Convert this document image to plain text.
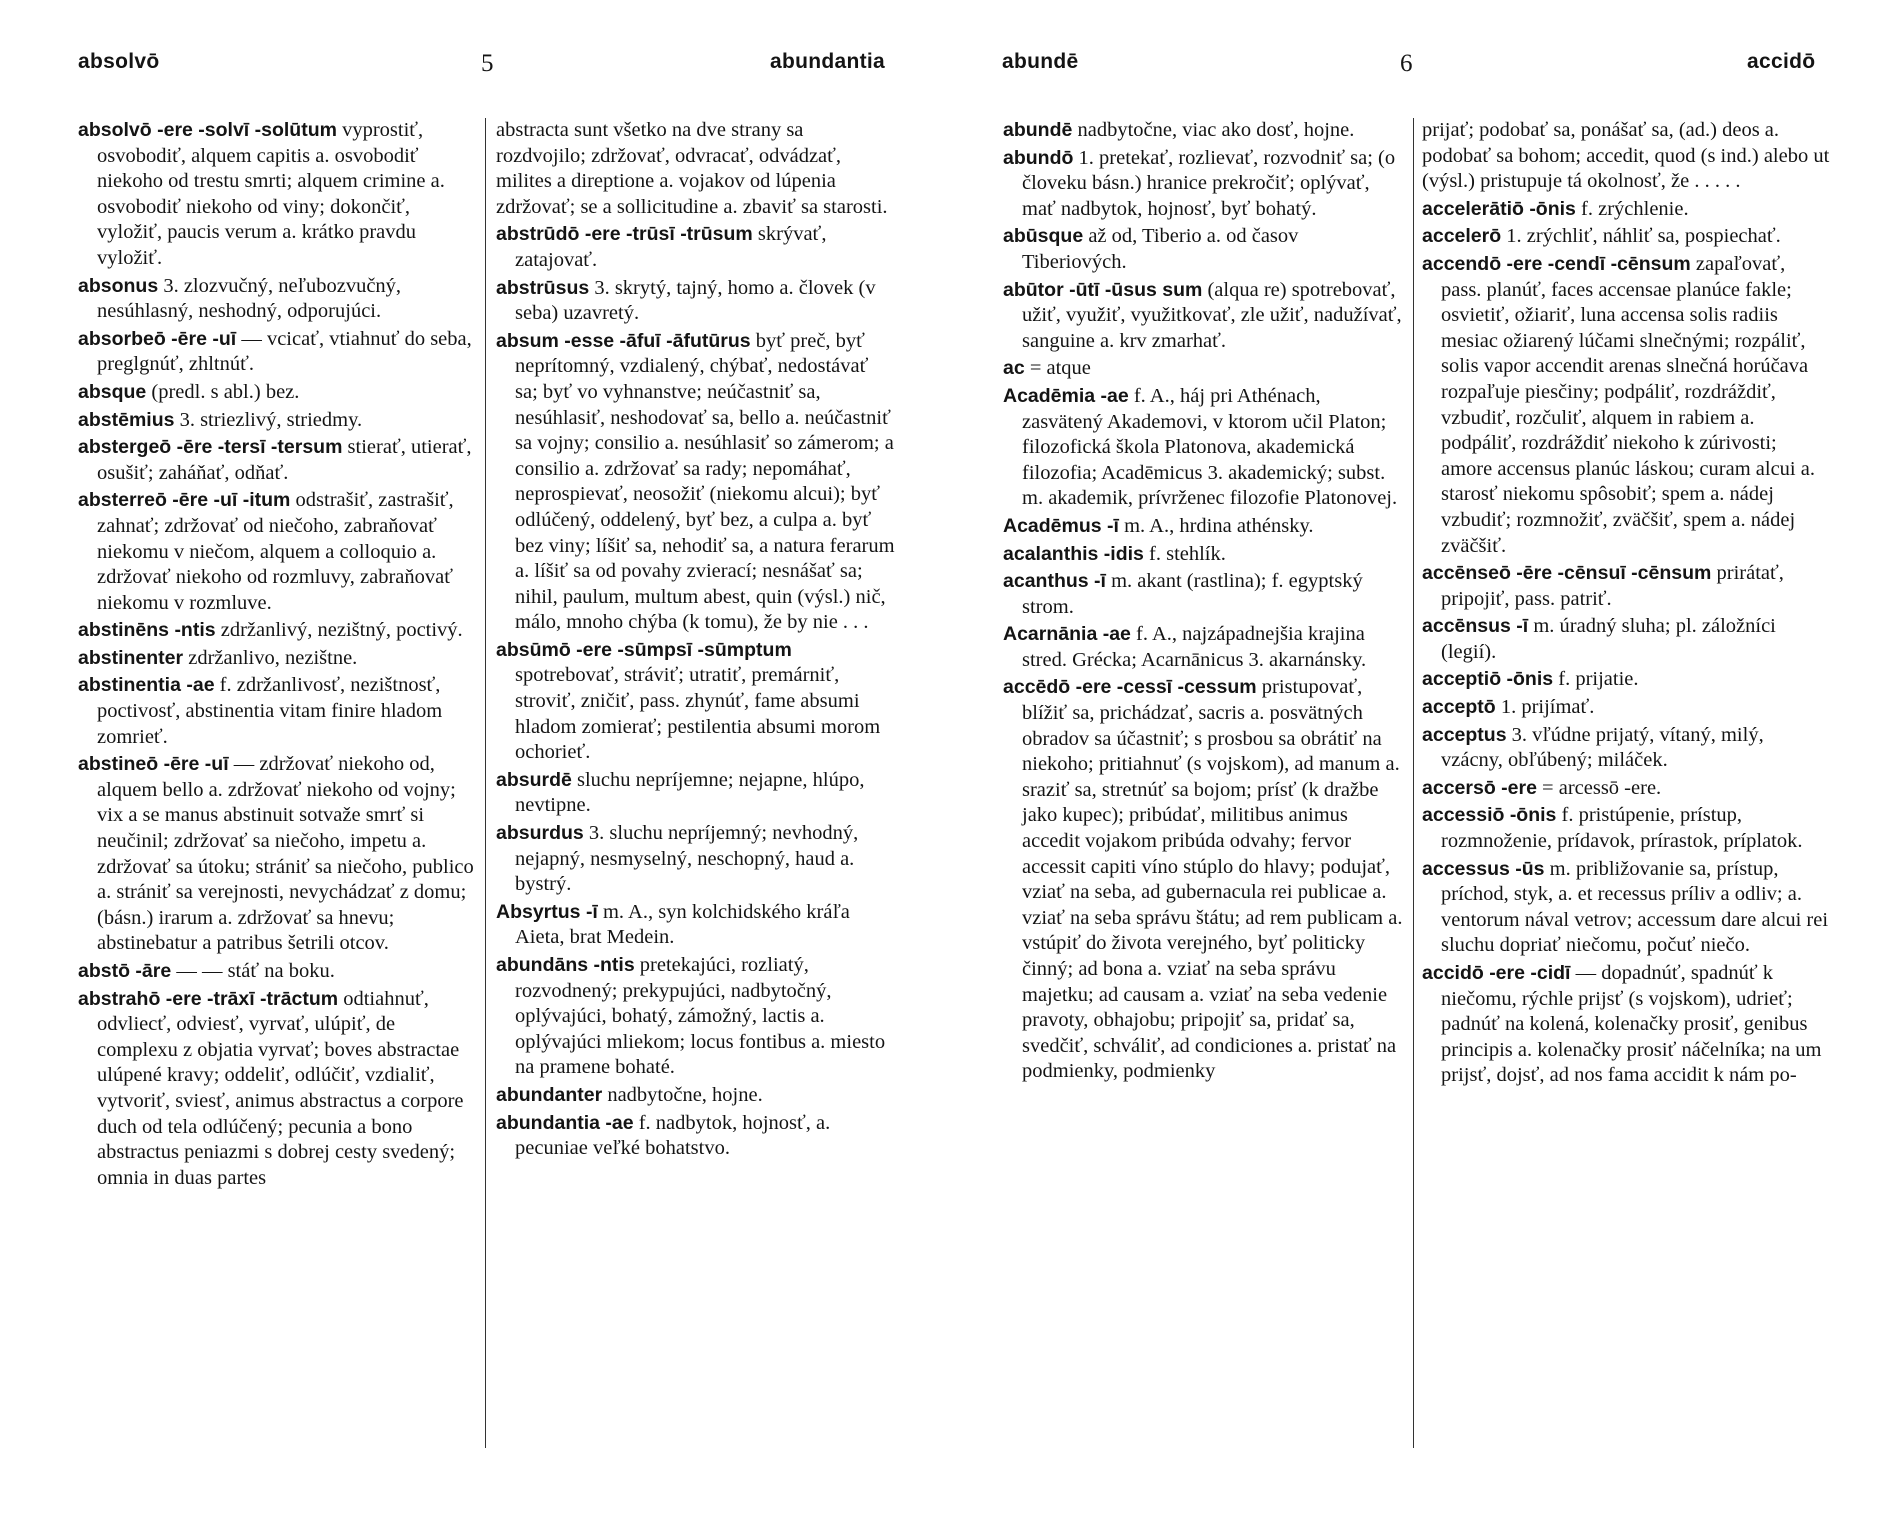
absolvō	5	abundantia	abundē	6	accidō

absolvō -ere -solvī -solūtum vyprostiť, osvobodiť, alquem capitis a. osvobodiť niekoho od trestu smrti; alquem crimine a. osvobodiť niekoho od viny; dokončiť, vyložiť, paucis verum a. krátko pravdu vyložiť.

absonus 3. zlozvučný, neľubozvučný, nesúhlasný, neshodný, odporujúci.

absorbeō -ēre -uī — vcicať, vtiahnuť do seba, preglgnúť, zhltnúť.

absque (predl. s abl.) bez.

abstēmius 3. striezlivý, striedmy.

abstergeō -ēre -tersī -tersum stierať, utierať, osušiť; zaháňať, odňať.

absterreō -ēre -uī -itum odstrašiť, zastrašiť, zahnať; zdržovať od niečoho, zabraňovať niekomu v niečom, alquem a colloquio a. zdržovať niekoho od rozmluvy, zabraňovať niekomu v rozmluve.

abstinēns -ntis zdržanlivý, nezištný, poctivý.

abstinenter zdržanlivo, nezištne.

abstinentia -ae f. zdržanlivosť, nezištnosť, poctivosť, abstinentia vitam finire hladom zomrieť.

abstineō -ēre -uī — zdržovať niekoho od, alquem bello a. zdržovať niekoho od vojny; vix a se manus abstinuit sotvaže smrť si neučinil; zdržovať sa niečoho, impetu a. zdržovať sa útoku; strániť sa niečoho, publico a. strániť sa verejnosti, nevychádzať z domu; (básn.) irarum a. zdržovať sa hnevu; abstinebatur a patribus šetrili otcov.

abstō -āre — — stáť na boku.

abstrahō -ere -trāxī -trāctum odtiahnuť, odvliecť, odviesť, vyrvať, ulúpiť, de complexu z objatia vyrvať; boves abstractae ulúpené kravy; oddeliť, odlúčiť, vzdialiť, vytvoriť, sviesť, animus abstractus a corpore duch od tela odlúčený; pecunia a bono abstractus peniazmi s dobrej cesty svedený; omnia in duas partes

abstracta sunt všetko na dve strany sa rozdvojilo; zdržovať, odvracať, odvádzať, milites a direptione a. vojakov od lúpenia zdržovať; se a sollicitudine a. zbaviť sa starosti.

abstrūdō -ere -trūsī -trūsum skrývať, zatajovať.

abstrūsus 3. skrytý, tajný, homo a. človek (v seba) uzavretý.

absum -esse -āfuī -āfutūrus byť preč, byť neprítomný, vzdialený, chýbať, nedostávať sa; byť vo vyhnanstve; neúčastniť sa, nesúhlasiť, neshodovať sa, bello a. neúčastniť sa vojny; consilio a. nesúhlasiť so zámerom; a consilio a. zdržovať sa rady; nepomáhať, neprospievať, neosožiť (niekomu alcui); byť odlúčený, oddelený, byť bez, a culpa a. byť bez viny; líšiť sa, nehodiť sa, a natura ferarum a. líšiť sa od povahy zvierací; nesnášať sa; nihil, paulum, multum abest, quin (výsl.) nič, málo, mnoho chýba (k tomu), že by nie . . .

absūmō -ere -sūmpsī -sūmptum spotrebovať, stráviť; utratiť, premárniť, stroviť, zničiť, pass. zhynúť, fame absumi hladom zomierať; pestilentia absumi morom ochorieť.

absurdē sluchu nepríjemne; nejapne, hlúpo, nevtipne.

absurdus 3. sluchu nepríjemný; nevhodný, nejapný, nesmyselný, neschopný, haud a. bystrý.

Absyrtus -ī m. A., syn kolchidského kráľa Aieta, brat Medein.

abundāns -ntis pretekajúci, rozliatý, rozvodnený; prekypujúci, nadbytočný, oplývajúci, bohatý, zámožný, lactis a. oplývajúci mliekom; locus fontibus a. miesto na pramene bohaté.

abundanter nadbytočne, hojne.

abundantia -ae f. nadbytok, hojnosť, a. pecuniae veľké bohatstvo.

abundē nadbytočne, viac ako dosť, hojne.

abundō 1. pretekať, rozlievať, rozvodniť sa; (o človeku básn.) hranice prekročiť; oplývať, mať nadbytok, hojnosť, byť bohatý.

abūsque až od, Tiberio a. od časov Tiberiových.

abūtor -ūtī -ūsus sum (alqua re) spotrebovať, užiť, využiť, využitkovať, zle užiť, nadužívať, sanguine a. krv zmarhať.

ac = atque

Acadēmia -ae f. A., háj pri Athénach, zasvätený Akademovi, v ktorom učil Platon; filozofická škola Platonova, akademická filozofia; Acadēmicus 3. akademický; subst. m. akademik, prívrženec filozofie Platonovej.

Acadēmus -ī m. A., hrdina athénsky.

acalanthis -idis f. stehlík.

acanthus -ī m. akant (rastlina); f. egyptský strom.

Acarnānia -ae f. A., najzápadnejšia krajina stred. Grécka; Acarnānicus 3. akarnánsky.

accēdō -ere -cessī -cessum pristupovať, blížiť sa, prichádzať, sacris a. posvätných obradov sa účastniť; s prosbou sa obrátiť na niekoho; pritiahnuť (s vojskom), ad manum a. sraziť sa, stretnúť sa bojom; prísť (k dražbe jako kupec); pribúdať, militibus animus accedit vojakom pribúda odvahy; fervor accessit capiti víno stúplo do hlavy; podujať, vziať na seba, ad gubernacula rei publicae a. vziať na seba správu štátu; ad rem publicam a. vstúpiť do života verejného, byť politicky činný; ad bona a. vziať na seba správu majetku; ad causam a. vziať na seba vedenie pravoty, obhajobu; pripojiť sa, pridať sa, svedčiť, schváliť, ad condiciones a. pristať na podmienky, podmienky

prijať; podobať sa, ponášať sa, (ad.) deos a. podobať sa bohom; accedit, quod (s ind.) alebo ut (výsl.) pristupuje tá okolnosť, že . . . . .

accelerātiō -ōnis f. zrýchlenie.

accelerō 1. zrýchliť, náhliť sa, pospiechať.

accendō -ere -cendī -cēnsum zapaľovať, pass. planúť, faces accensae planúce fakle; osvietiť, ožiariť, luna accensa solis radiis mesiac ožiarený lúčami slnečnými; rozpáliť, solis vapor accendit arenas slnečná horúčava rozpaľuje piesčiny; podpáliť, rozdráždiť, vzbudiť, rozčuliť, alquem in rabiem a. podpáliť, rozdráždiť niekoho k zúrivosti; amore accensus planúc láskou; curam alcui a. starosť niekomu spôsobiť; spem a. nádej vzbudiť; rozmnožiť, zväčšiť, spem a. nádej zväčšiť.

accēnseō -ēre -cēnsuī -cēnsum prirátať, pripojiť, pass. patriť.

accēnsus -ī m. úradný sluha; pl. záložníci (legií).

acceptiō -ōnis f. prijatie.

acceptō 1. prijímať.

acceptus 3. vľúdne prijatý, vítaný, milý, vzácny, obľúbený; miláček.

accersō -ere = arcessō -ere.

accessiō -ōnis f. pristúpenie, prístup, rozmnoženie, prídavok, prírastok, príplatok.

accessus -ūs m. približovanie sa, prístup, príchod, styk, a. et recessus príliv a odliv; a. ventorum nával vetrov; accessum dare alcui rei sluchu dopriať niečomu, počuť niečo.

accidō -ere -cidī — dopadnúť, spadnúť k niečomu, rýchle prijsť (s vojskom), udrieť; padnúť na kolená, kolenačky prosiť, genibus principis a. kolenačky prosiť náčelníka; na um prijsť, dojsť, ad nos fama accidit k nám po-
